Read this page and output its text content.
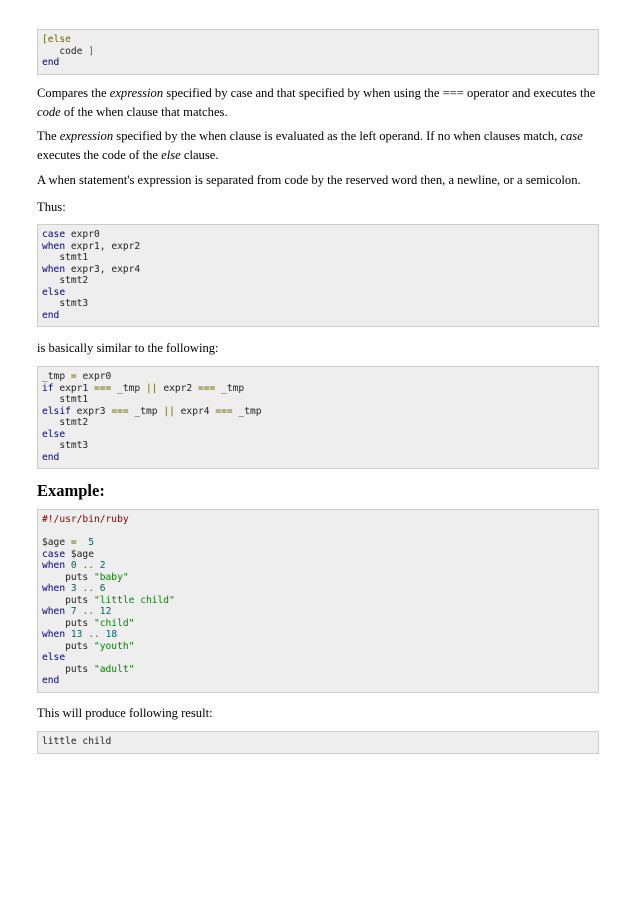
[else
code ]
end

Compares the expression specified by case and that specified by when using the === operator and executes the code of the when clause that matches.

The expression specified by the when clause is evaluated as the left operand. If no when clauses match, case executes the code of the else clause.

A when statement's expression is separated from code by the reserved word then, a newline, or a semicolon.

Thus:

case expr0
when expr1, expr2
stmt1
when expr3, expr4
stmt2
else
stmt3
end

is basically similar to the following:

_tmp = expr0
if expr1 === _tmp || expr2 === _tmp
stmt1
elsif expr3 === _tmp || expr4 === _tmp
stmt2
else
stmt3
end
Example:
#!/usr/bin/ruby

$age = 5
case $age
when 0 .. 2
puts "baby"
when 3 .. 6
puts "little child"
when 7 .. 12
puts "child"
when 13 .. 18
puts "youth"
else
puts "adult"
end

This will produce following result:

little child
